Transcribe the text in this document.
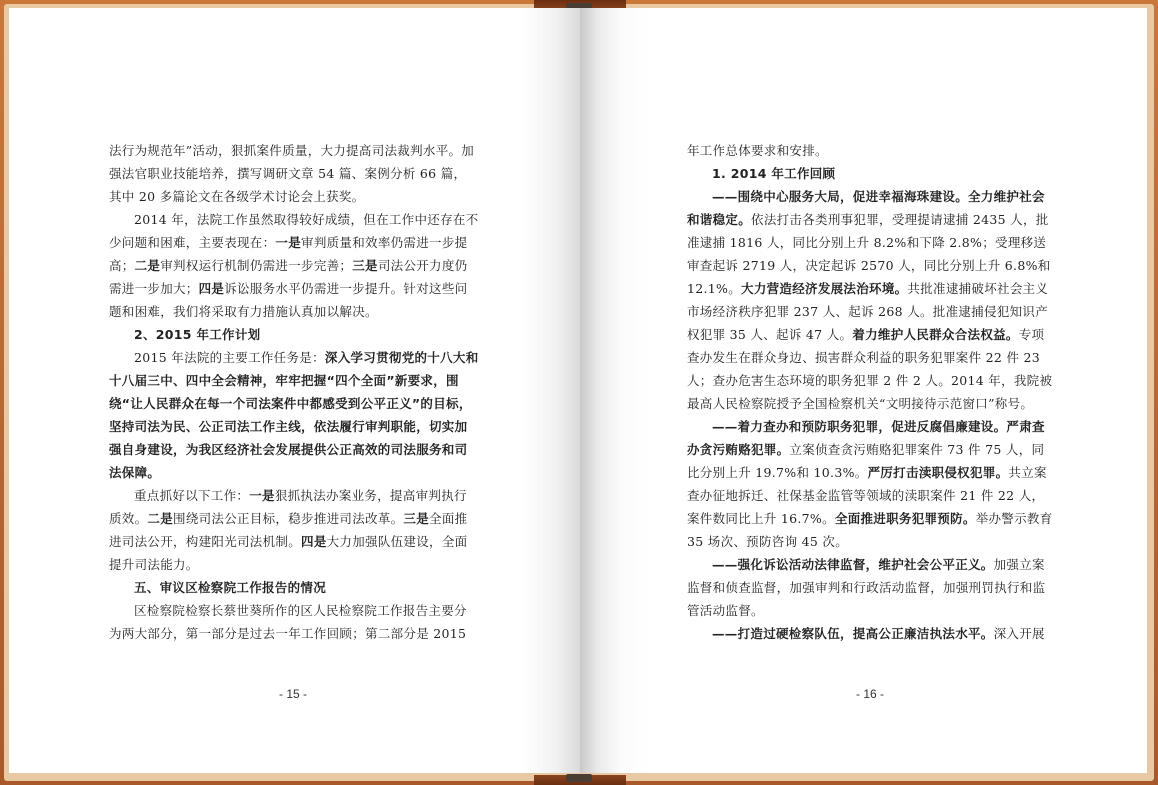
法行为规范年”活动，狠抓案件质量，大力提高司法裁判水平。加强法官职业技能培养，撰写调研文章 54 篇、案例分析 66 篇，其中 20 多篇论文在各级学术讨论会上获奖。

2014 年，法院工作虽然取得较好成绩，但在工作中还存在不少问题和困难，主要表现在：一是审判质量和效率仍需进一步提高；二是审判权运行机制仍需进一步完善；三是司法公开力度仍需进一步加大；四是诉讼服务水平仍需进一步提升。针对这些问题和困难，我们将采取有力措施认真加以解决。

2、2015 年工作计划

2015 年法院的主要工作任务是：深入学习贯彻党的十八大和十八届三中、四中全会精神，牢牢把握“四个全面”新要求，围绕“让人民群众在每一个司法案件中都感受到公平正义”的目标，坚持司法为民、公正司法工作主线，依法履行审判职能，切实加强自身建设，为我区经济社会发展提供公正高效的司法服务和司法保障。

重点抓好以下工作：一是狠抓执法办案业务，提高审判执行质效。二是围绕司法公正目标，稳步推进司法改革。三是全面推进司法公开，构建阳光司法机制。四是大力加强队伍建设，全面提升司法能力。

五、审议区检察院工作报告的情况

区检察院检察长蔡世葵所作的区人民检察院工作报告主要分为两大部分，第一部分是过去一年工作回顾；第二部分是 2015

- 15 -

年工作总体要求和安排。

1. 2014 年工作回顾

——围绕中心服务大局，促进幸福海珠建设。全力维护社会和谐稳定。依法打击各类刑事犯罪，受理提请逮捕 2435 人，批准逮捕 1816 人，同比分别上升 8.2%和下降 2.8%；受理移送审查起诉 2719 人，决定起诉 2570 人，同比分别上升 6.8%和 12.1%。大力营造经济发展法治环境。共批准逮捕破坏社会主义市场经济秩序犯罪 237 人、起诉 268 人。批准逮捕侵犯知识产权犯罪 35 人、起诉 47 人。着力维护人民群众合法权益。专项查办发生在群众身边、损害群众利益的职务犯罪案件 22 件 23 人；查办危害生态环境的职务犯罪 2 件 2 人。2014 年，我院被最高人民检察院授予全国检察机关“文明接待示范窗口”称号。

——着力查办和预防职务犯罪，促进反腐倡廉建设。严肃查办贪污贿赂犯罪。立案侦查贪污贿赂犯罪案件 73 件 75 人，同比分别上升 19.7%和 10.3%。严厉打击渎职侵权犯罪。共立案查办征地拆迁、社保基金监管等领域的渎职案件 21 件 22 人，案件数同比上升 16.7%。全面推进职务犯罪预防。举办警示教育 35 场次、预防咨询 45 次。

——强化诉讼活动法律监督，维护社会公平正义。加强立案监督和侦查监督，加强审判和行政活动监督，加强刑罚执行和监管活动监督。

——打造过硬检察队伍，提高公正廉洁执法水平。深入开展

- 16 -
